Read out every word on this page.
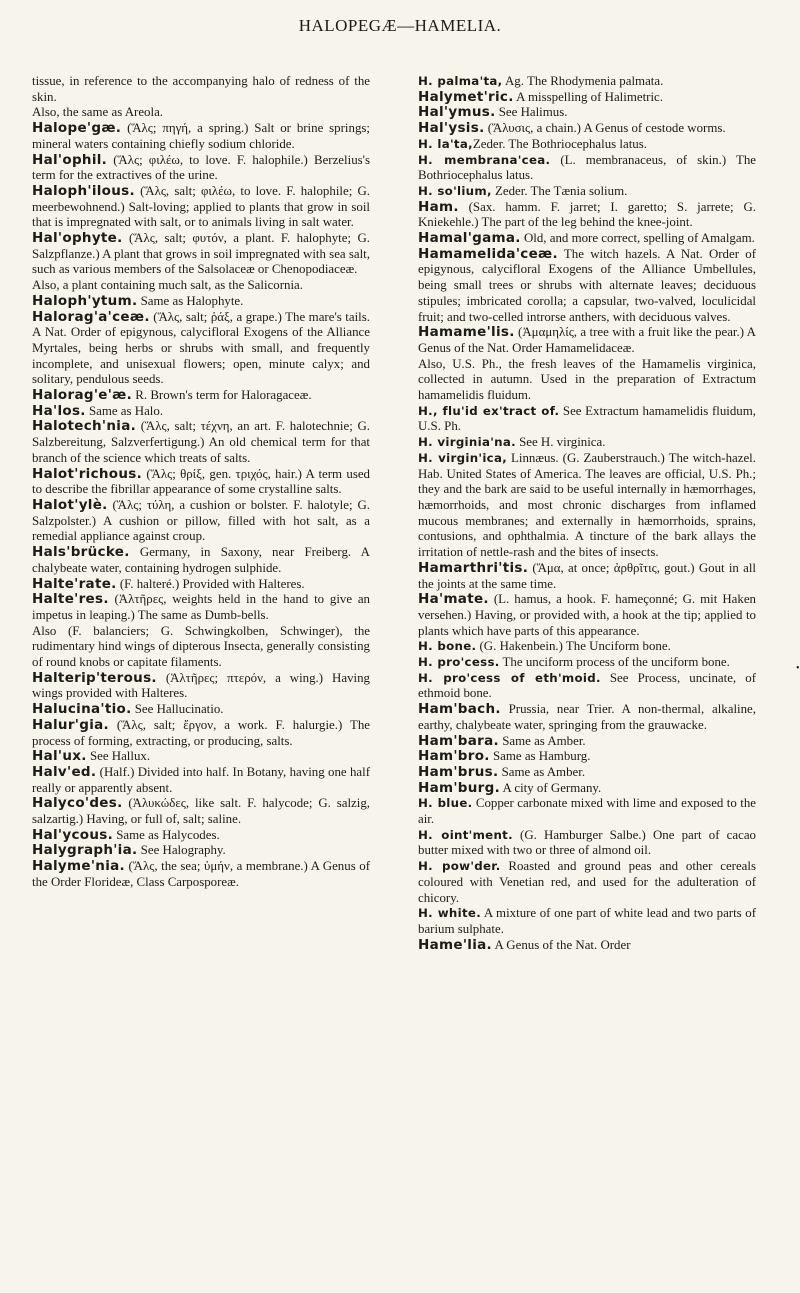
HALOPEGÆ—HAMELIA.

tissue, in reference to the accompanying halo of redness of the skin.

Also, the same as Areola.

Halope'gæ. (Ἅλς; πηγή, a spring.) Salt or brine springs; mineral waters containing chiefly sodium chloride.

Hal'ophil. (Ἅλς; φιλέω, to love. F. halophile.) Berzelius's term for the extractives of the urine.

Haloph'ilous. (Ἅλς, salt; φιλέω, to love. F. halophile; G. meerbewohnend.) Salt-loving; applied to plants that grow in soil that is impregnated with salt, or to animals living in salt water.

Hal'ophyte. (Ἅλς, salt; φυτόν, a plant. F. halophyte; G. Salzpflanze.) A plant that grows in soil impregnated with sea salt, such as various members of the Salsolaceæ or Chenopodiaceæ.

Also, a plant containing much salt, as the Salicornia.

Haloph'ytum. Same as Halophyte.

Halorag'a'ceæ. (Ἅλς, salt; ῥάξ, a grape.) The mare's tails. A Nat. Order of epigynous, calycifloral Exogens of the Alliance Myrtales, being herbs or shrubs with small, and frequently incomplete, and unisexual flowers; open, minute calyx; and solitary, pendulous seeds.

Halorag'e'æ. R. Brown's term for Haloragaceæ.

Ha'los. Same as Halo.

Halotech'nia. (Ἅλς, salt; τέχνη, an art. F. halotechnie; G. Salzbereitung, Salzverfertigung.) An old chemical term for that branch of the science which treats of salts.

Halot'richous. (Ἅλς; θρίξ, gen. τριχός, hair.) A term used to describe the fibrillar appearance of some crystalline salts.

Halot'ylè. (Ἅλς; τύλη, a cushion or bolster. F. halotyle; G. Salzpolster.) A cushion or pillow, filled with hot salt, as a remedial appliance against croup.

Hals'brücke. Germany, in Saxony, near Freiberg. A chalybeate water, containing hydrogen sulphide.

Halte'rate. (F. halteré.) Provided with Halteres.

Halte'res. (Ἁλτῆρες, weights held in the hand to give an impetus in leaping.) The same as Dumb-bells.

Also (F. balanciers; G. Schwingkolben, Schwinger), the rudimentary hind wings of dipterous Insecta, generally consisting of round knobs or capitate filaments.

Halterip'terous. (Ἁλτῆρες; πτερόν, a wing.) Having wings provided with Halteres.

Halucina'tio. See Hallucinatio.

Halur'gia. (Ἅλς, salt; ἔργον, a work. F. halurgie.) The process of forming, extracting, or producing, salts.

Hal'ux. See Hallux.

Halv'ed. (Half.) Divided into half. In Botany, having one half really or apparently absent.

Halyco'des. (Ἁλυκώδες, like salt. F. halycode; G. salzig, salzartig.) Having, or full of, salt; saline.

Hal'ycous. Same as Halycodes.

Halygraph'ia. See Halography.

Halyme'nia. (Ἅλς, the sea; ὑμήν, a membrane.) A Genus of the Order Florideæ, Class Carposporeæ.

H. palma'ta, Ag. The Rhodymenia palmata.

Halymet'ric. A misspelling of Halimetric.

Hal'ymus. See Halimus.

Hal'ysis. (Ἅλυσις, a chain.) A Genus of cestode worms.

H. la'ta,Zeder. The Bothriocephalus latus.

H. membrana'cea. (L. membranaceus, of skin.) The Bothriocephalus latus.

H. so'lium, Zeder. The Tænia solium.

Ham. (Sax. hamm. F. jarret; I. garetto; S. jarrete; G. Kniekehle.) The part of the leg behind the knee-joint.

Hamal'gama. Old, and more correct, spelling of Amalgam.

Hamamelida'ceæ. The witch hazels. A Nat. Order of epigynous, calycifloral Exogens of the Alliance Umbellules, being small trees or shrubs with alternate leaves; deciduous stipules; imbricated corolla; a capsular, two-valved, loculicidal fruit; and two-celled introrse anthers, with deciduous valves.

Hamame'lis. (Ἀμαμηλίς, a tree with a fruit like the pear.) A Genus of the Nat. Order Hamamelidaceæ.

Also, U.S. Ph., the fresh leaves of the Hamamelis virginica, collected in autumn. Used in the preparation of Extractum hamamelidis fluidum.

H., flu'id ex'tract of. See Extractum hamamelidis fluidum, U.S. Ph.

H. virginia'na. See H. virginica.

H. virgin'ica, Linnæus. (G. Zauberstrauch.) The witch-hazel. Hab. United States of America. The leaves are official, U.S. Ph.; they and the bark are said to be useful internally in hæmorrhages, hæmorrhoids, and most chronic discharges from inflamed mucous membranes; and externally in hæmorrhoids, sprains, contusions, and ophthalmia. A tincture of the bark allays the irritation of nettle-rash and the bites of insects.

Hamarthri'tis. (Ἅμα, at once; ἀρθρῖτις, gout.) Gout in all the joints at the same time.

Ha'mate. (L. hamus, a hook. F. hameçonné; G. mit Haken versehen.) Having, or provided with, a hook at the tip; applied to plants which have parts of this appearance.

H. bone. (G. Hakenbein.) The Unciform bone.

H. pro'cess. The unciform process of the unciform bone.

H. pro'cess of eth'moid. See Process, uncinate, of ethmoid bone.

Ham'bach. Prussia, near Trier. A non-thermal, alkaline, earthy, chalybeate water, springing from the grauwacke.

Ham'bara. Same as Amber.

Ham'bro. Same as Hamburg.

Ham'brus. Same as Amber.

Ham'burg. A city of Germany.

H. blue. Copper carbonate mixed with lime and exposed to the air.

H. oint'ment. (G. Hamburger Salbe.) One part of cacao butter mixed with two or three of almond oil.

H. pow'der. Roasted and ground peas and other cereals coloured with Venetian red, and used for the adulteration of chicory.

H. white. A mixture of one part of white lead and two parts of barium sulphate.

Hame'lia. A Genus of the Nat. Order

•
